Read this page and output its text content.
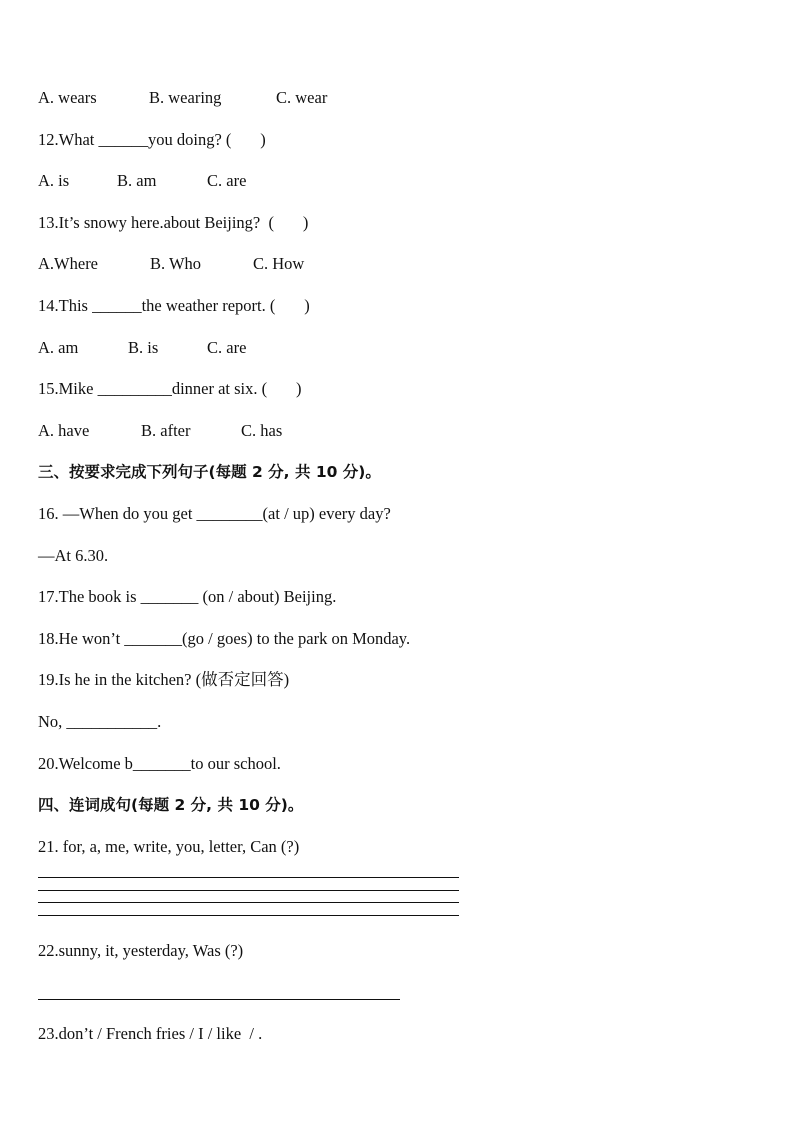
A. wears

	B. wearing

	C. wear

12.What ______you doing? (       )

A. is

	B. am

	C. are

13.It’s snowy here.about Beijing?  (       )

A.Where

	B. Who

	C. How

14.This ______the weather report. (       )

A. am

	B. is

	C. are

15.Mike _________dinner at six. (       )

A. have

	B. after

	C. has

三、按要求完成下列句子(每题 2 分, 共 10 分)。
16. —When do you get ________(at / up) every day?
—At 6.30.
17.The book is _______ (on / about) Beijing.
18.He won’t _______(go / goes) to the park on Monday.
19.Is he in the kitchen? (做否定回答)
No, ___________.
20.Welcome b_______to our school.
四、连词成句(每题 2 分, 共 10 分)。
21. for, a, me, write, you, letter, Can (?)
22.sunny, it, yesterday, Was (?)
23.don’t / French fries / I / like  / .
